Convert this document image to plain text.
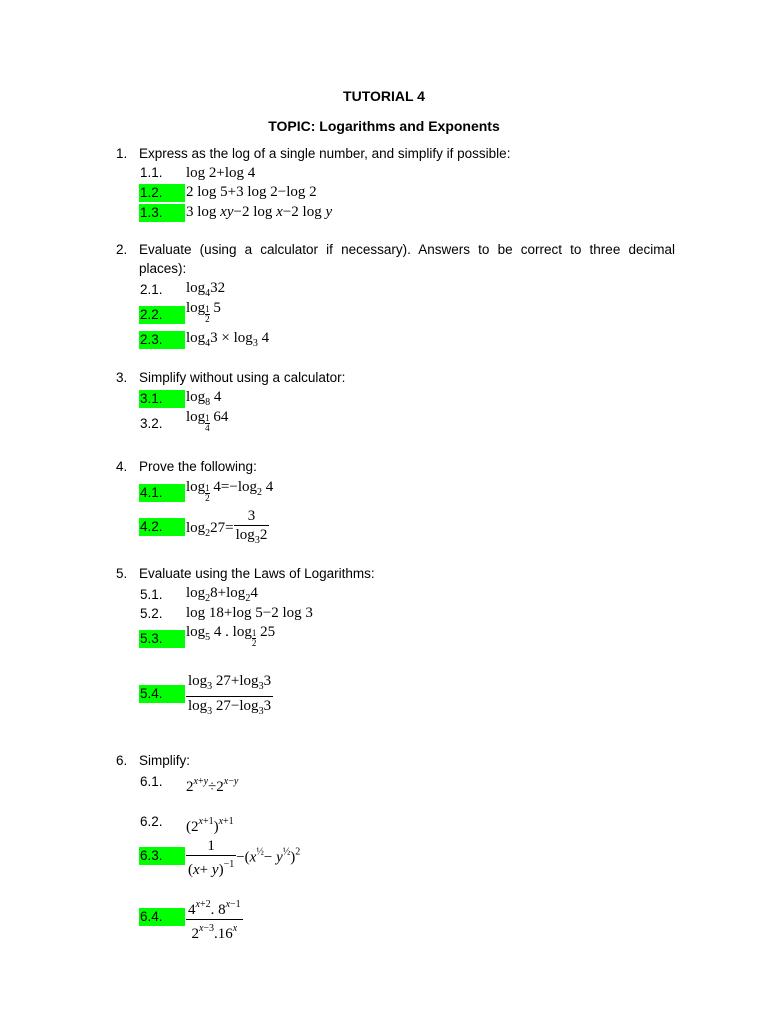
TUTORIAL 4
TOPIC: Logarithms and Exponents
1. Express as the log of a single number, and simplify if possible:
1.1. log 2+log 4
1.2.	2 log 5+3 log 2−log 2
1.3.	3 log xy−2 log x−2 log y
2. Evaluate (using a calculator if necessary). Answers to be correct to three decimal
places):
2.1. $\log_432$
2.2.	$\log \frac{1}{2} 5$
2.3.	$\log_43 \times \log_3 4$
3. Simplify without using a calculator:
3.1.	$\log_8 4$
3.2. $\log \frac{1}{4} 64$
4. Prove the following:
4.1.	$\log \frac{1}{2} 4=-\log_2$ 4
4.2.	$\log_227= \frac{3}{\log_32}$
5. Evaluate using the Laws of Logarithms:
5.1. $\log_28+\log_24$
5.2. log 18+log 5−2 log 3
5.3.	$\log_5 4$ . $\log \frac{1}{2} 25$
5.4.	$\frac{\log_3 27+\log_33}{\log_3 27-\log_33}$
6. Simplify:
6.1. $2^{x+y}\div 2^{x-y}$
6.2. $(2^{x+1})^{x+1}$
6.3.	$\frac{1}{(x+ y)^{-1}} -(x^{\frac{1}{2}}- y^{\frac{1}{2}})^2$
6.4.	$\frac{4^{x+2}. 8^{x-1}}{2^{x-3}.16^x}$
